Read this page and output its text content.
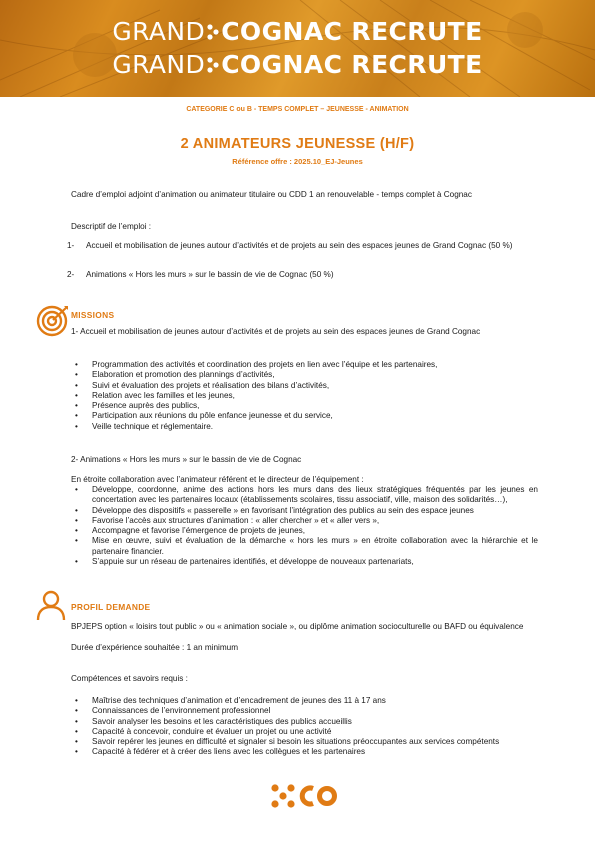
GRAND COGNAC RECRUTE
GRAND COGNAC RECRUTE
CATEGORIE C ou B - TEMPS COMPLET – JEUNESSE - ANIMATION
2 ANIMATEURS JEUNESSE (H/F)
Référence offre : 2025.10_EJ-Jeunes
Cadre d’emploi adjoint d’animation ou animateur titulaire ou CDD 1 an renouvelable - temps complet à Cognac
Descriptif de l’emploi :
1- Accueil et mobilisation de jeunes autour d’activités et de projets au sein des espaces jeunes de Grand Cognac (50 %)
2- Animations « Hors les murs » sur le bassin de vie de Cognac (50 %)
MISSIONS
1- Accueil et mobilisation de jeunes autour d’activités et de projets au sein des espaces jeunes de Grand Cognac
• Programmation des activités et coordination des projets en lien avec l’équipe et les partenaires,
• Elaboration et promotion des plannings d’activités,
• Suivi et évaluation des projets et réalisation des bilans d’activités,
• Relation avec les familles et les jeunes,
• Présence auprès des publics,
• Participation aux réunions du pôle enfance jeunesse et du service,
• Veille technique et réglementaire.
2- Animations « Hors les murs » sur le bassin de vie de Cognac
En étroite collaboration avec l’animateur référent et le directeur de l’équipement :
• Développe, coordonne, anime des actions hors les murs dans des lieux stratégiques fréquentés par les jeunes en concertation avec les partenaires locaux (établissements scolaires, tissu associatif, ville, maison des solidarités…),
• Développe des dispositifs « passerelle » en favorisant l’intégration des publics au sein des espace jeunes
• Favorise l’accès aux structures d’animation : « aller chercher » et « aller vers »,
• Accompagne et favorise l’émergence de projets de jeunes,
• Mise en œuvre, suivi et évaluation de la démarche « hors les murs » en étroite collaboration avec la hiérarchie et le partenaire financier.
• S’appuie sur un réseau de partenaires identifiés, et développe de nouveaux partenariats,
PROFIL DEMANDE
BPJEPS option « loisirs tout public » ou « animation sociale », ou diplôme animation socioculturelle ou BAFD ou équivalence
Durée d’expérience souhaitée : 1 an minimum
Compétences et savoirs requis :
• Maîtrise des techniques d’animation et d’encadrement de jeunes des 11 à 17 ans
• Connaissances de l’environnement professionnel
• Savoir analyser les besoins et les caractéristiques des publics accueillis
• Capacité à concevoir, conduire et évaluer un projet ou une activité
• Savoir repérer les jeunes en difficulté et signaler si besoin les situations préoccupantes aux services compétents
• Capacité à fédérer et à créer des liens avec les collègues et les partenaires
